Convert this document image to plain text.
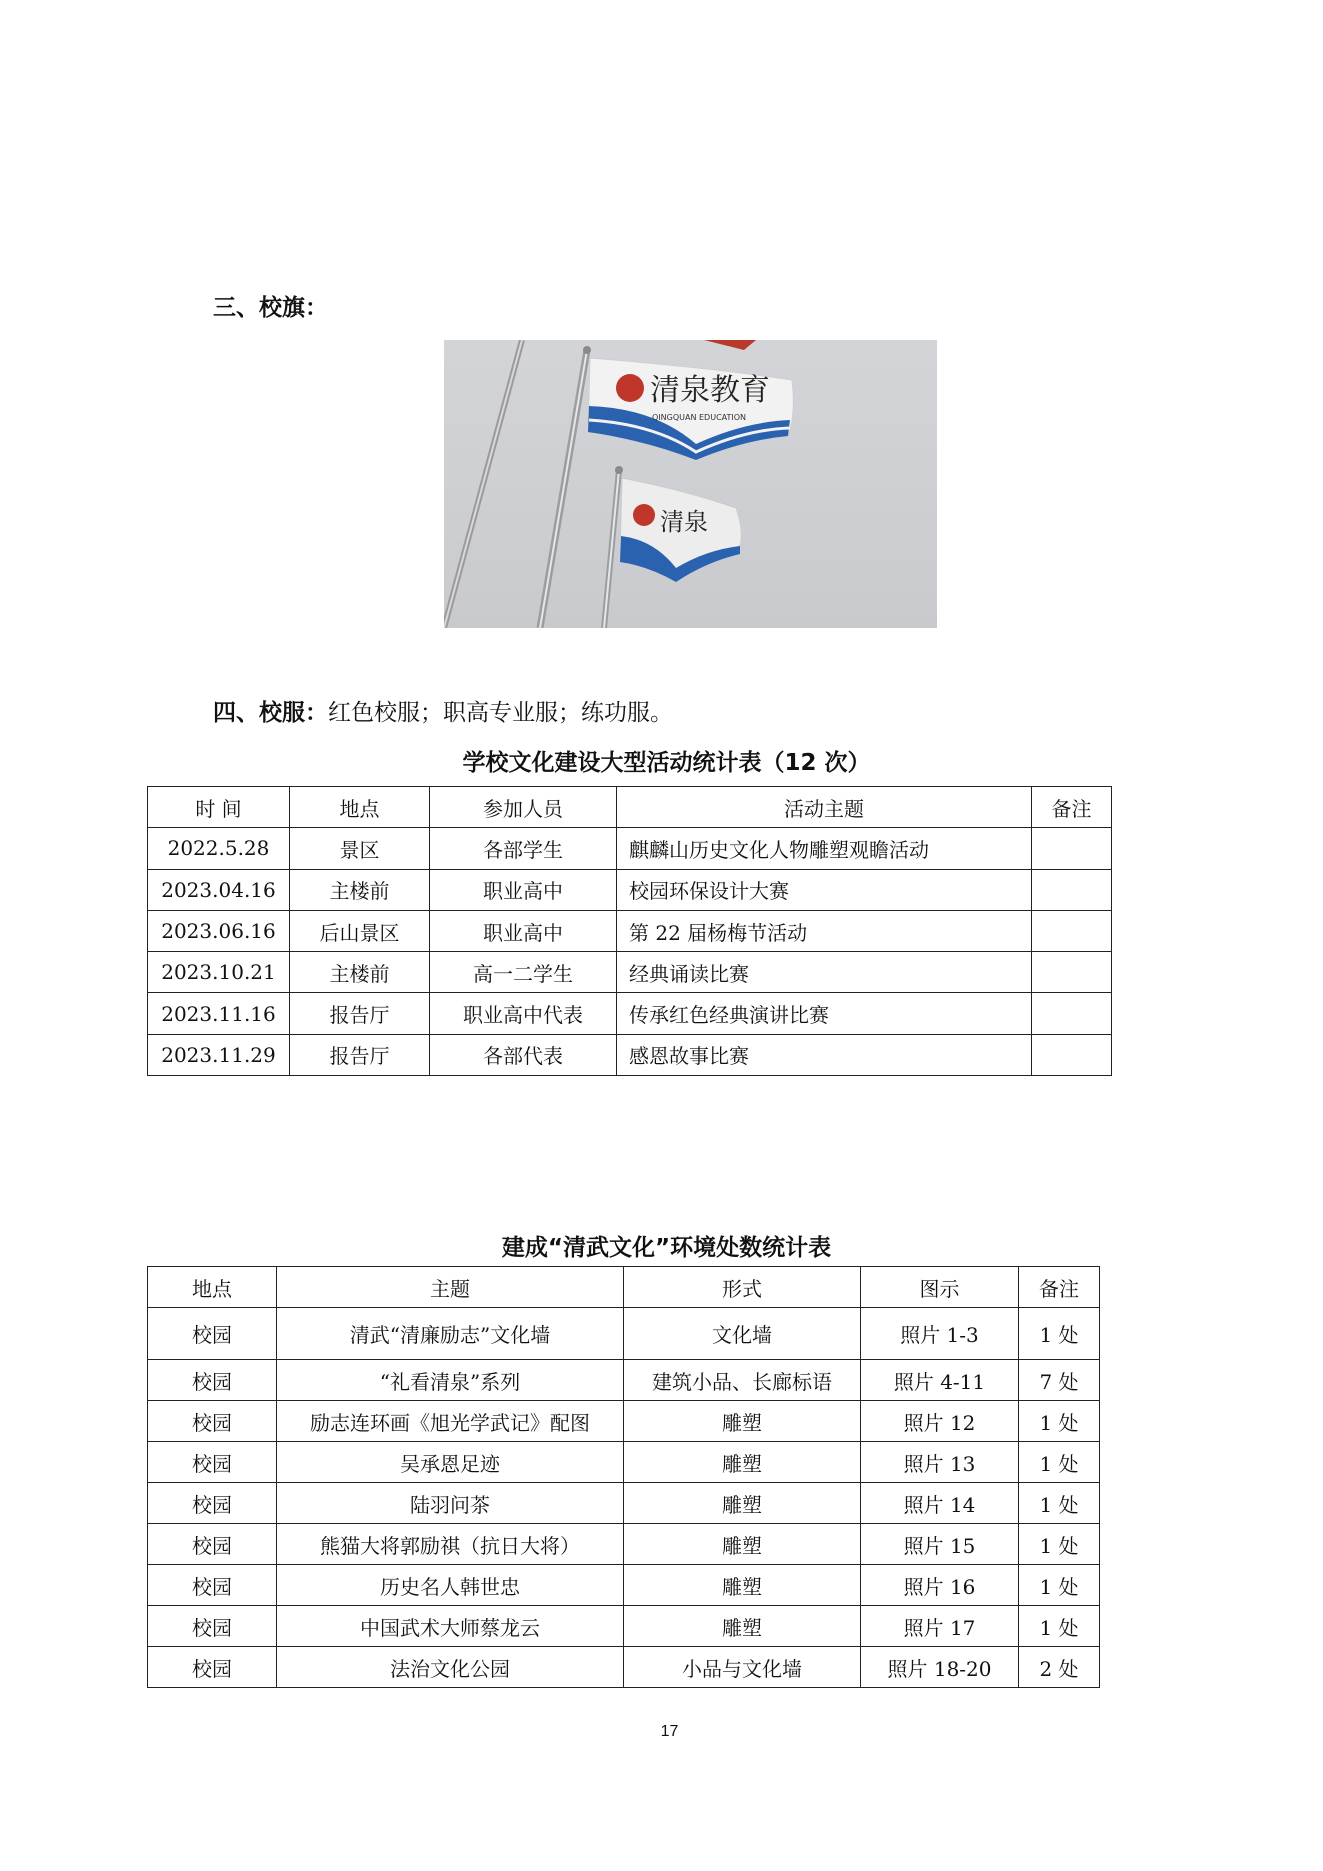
三、校旗：
清泉教育
QINGQUAN EDUCATION
清泉
四、校服：红色校服；职高专业服；练功服。
学校文化建设大型活动统计表（12 次）
时 间	地点	参加人员	活动主题	备注
2022.5.28	景区	各部学生	麒麟山历史文化人物雕塑观瞻活动	
2023.04.16	主楼前	职业高中	校园环保设计大赛	
2023.06.16	后山景区	职业高中	第 22 届杨梅节活动	
2023.10.21	主楼前	高一二学生	经典诵读比赛	
2023.11.16	报告厅	职业高中代表	传承红色经典演讲比赛	
2023.11.29	报告厅	各部代表	感恩故事比赛	
建成“清武文化”环境处数统计表
地点	主题	形式	图示	备注
校园	清武“清廉励志”文化墙	文化墙	照片 1-3	1 处
校园	“礼看清泉”系列	建筑小品、长廊标语	照片 4-11	7 处
校园	励志连环画《旭光学武记》配图	雕塑	照片 12	1 处
校园	吴承恩足迹	雕塑	照片 13	1 处
校园	陆羽问茶	雕塑	照片 14	1 处
校园	熊猫大将郭励祺（抗日大将）	雕塑	照片 15	1 处
校园	历史名人韩世忠	雕塑	照片 16	1 处
校园	中国武术大师蔡龙云	雕塑	照片 17	1 处
校园	法治文化公园	小品与文化墙	照片 18-20	2 处
17
